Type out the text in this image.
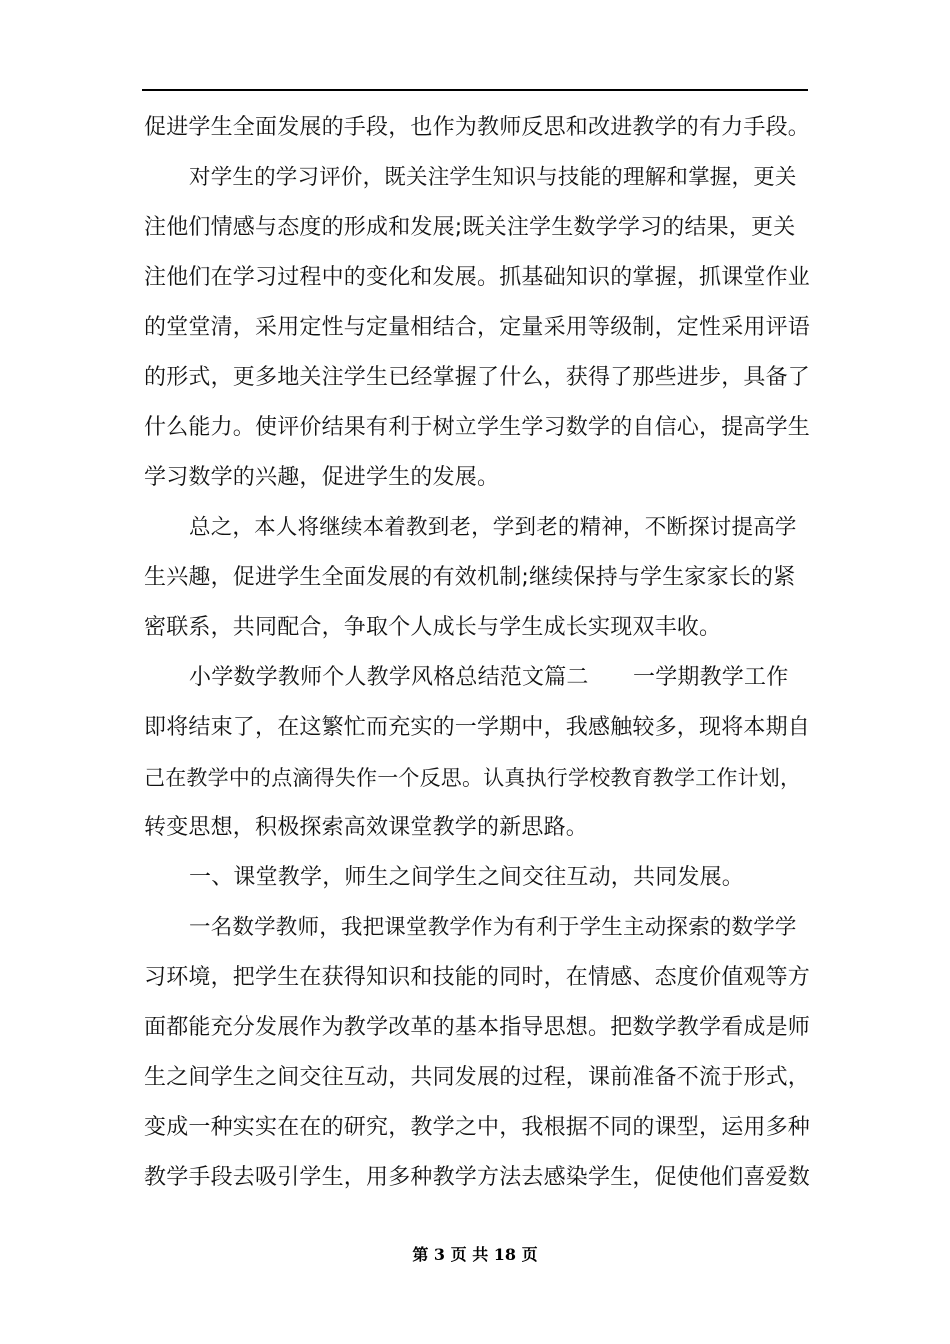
促进学生全面发展的手段，也作为教师反思和改进教学的有力手段。
对学生的学习评价，既关注学生知识与技能的理解和掌握，更关
注他们情感与态度的形成和发展;既关注学生数学学习的结果，更关
注他们在学习过程中的变化和发展。抓基础知识的掌握，抓课堂作业
的堂堂清，采用定性与定量相结合，定量采用等级制，定性采用评语
的形式，更多地关注学生已经掌握了什么，获得了那些进步，具备了
什么能力。使评价结果有利于树立学生学习数学的自信心，提高学生
学习数学的兴趣，促进学生的发展。
总之，本人将继续本着教到老，学到老的精神，不断探讨提高学
生兴趣，促进学生全面发展的有效机制;继续保持与学生家家长的紧
密联系，共同配合，争取个人成长与学生成长实现双丰收。
小学数学教师个人教学风格总结范文篇二　　一学期教学工作
即将结束了，在这繁忙而充实的一学期中，我感触较多，现将本期自
己在教学中的点滴得失作一个反思。认真执行学校教育教学工作计划，
转变思想，积极探索高效课堂教学的新思路。
一、课堂教学，师生之间学生之间交往互动，共同发展。
一名数学教师，我把课堂教学作为有利于学生主动探索的数学学
习环境，把学生在获得知识和技能的同时，在情感、态度价值观等方
面都能充分发展作为教学改革的基本指导思想。把数学教学看成是师
生之间学生之间交往互动，共同发展的过程，课前准备不流于形式，
变成一种实实在在的研究，教学之中，我根据不同的课型，运用多种
教学手段去吸引学生，用多种教学方法去感染学生，促使他们喜爱数
第 3 页 共 18 页
